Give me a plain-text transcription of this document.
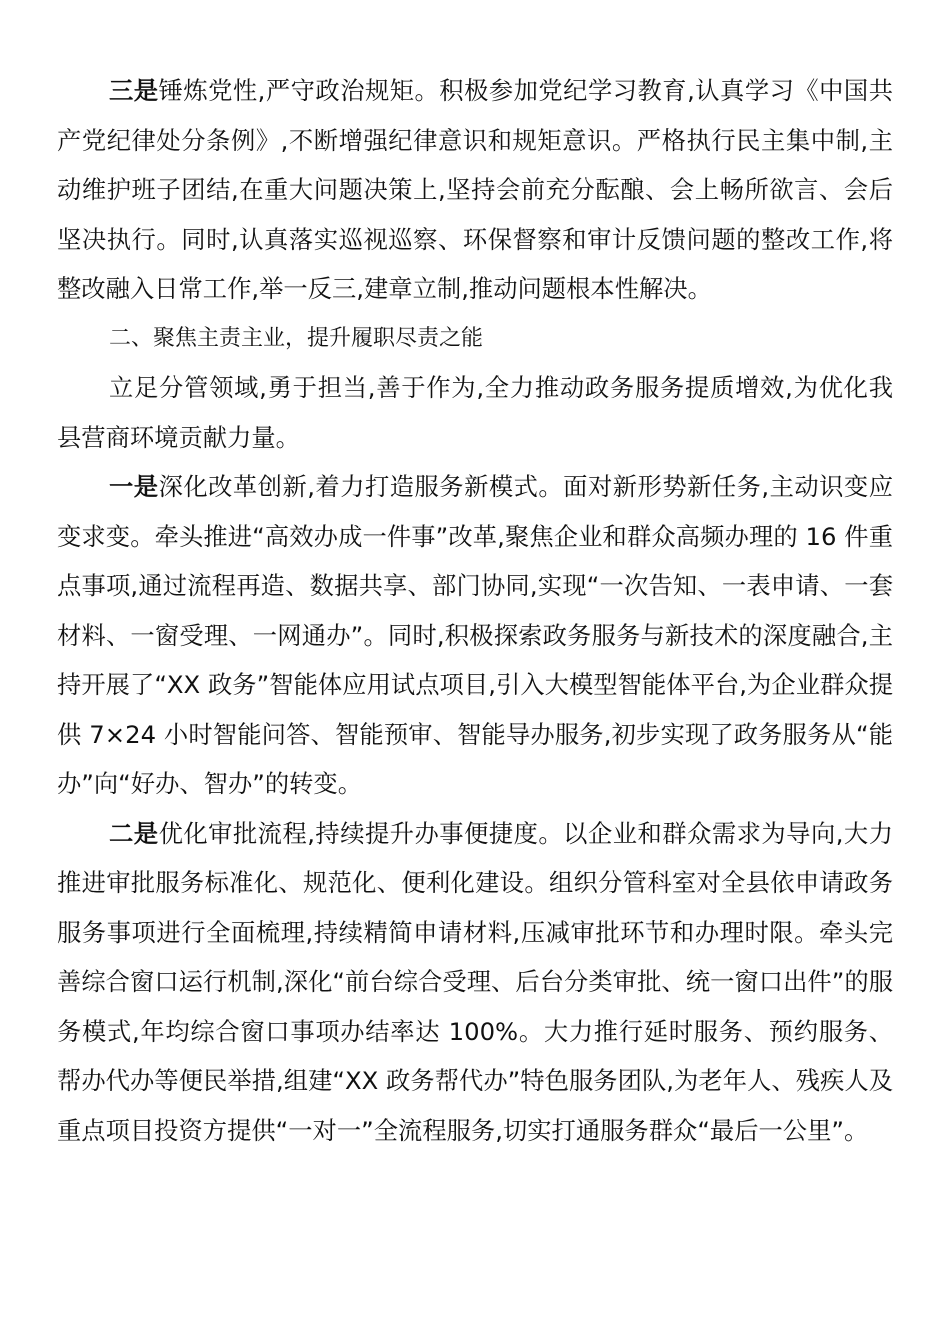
三是锤炼党性,严守政治规矩。积极参加党纪学习教育,认真学习《中国共产党纪律处分条例》,不断增强纪律意识和规矩意识。严格执行民主集中制,主动维护班子团结,在重大问题决策上,坚持会前充分酝酿、会上畅所欲言、会后坚决执行。同时,认真落实巡视巡察、环保督察和审计反馈问题的整改工作,将整改融入日常工作,举一反三,建章立制,推动问题根本性解决。

二、聚焦主责主业，提升履职尽责之能

立足分管领域,勇于担当,善于作为,全力推动政务服务提质增效,为优化我县营商环境贡献力量。

一是深化改革创新,着力打造服务新模式。面对新形势新任务,主动识变应变求变。牵头推进“高效办成一件事”改革,聚焦企业和群众高频办理的 16 件重点事项,通过流程再造、数据共享、部门协同,实现“一次告知、一表申请、一套材料、一窗受理、一网通办”。同时,积极探索政务服务与新技术的深度融合,主持开展了“XX 政务”智能体应用试点项目,引入大模型智能体平台,为企业群众提供 7×24 小时智能问答、智能预审、智能导办服务,初步实现了政务服务从“能办”向“好办、智办”的转变。

二是优化审批流程,持续提升办事便捷度。以企业和群众需求为导向,大力推进审批服务标准化、规范化、便利化建设。组织分管科室对全县依申请政务服务事项进行全面梳理,持续精简申请材料,压减审批环节和办理时限。牵头完善综合窗口运行机制,深化“前台综合受理、后台分类审批、统一窗口出件”的服务模式,年均综合窗口事项办结率达 100%。大力推行延时服务、预约服务、帮办代办等便民举措,组建“XX 政务帮代办”特色服务团队,为老年人、残疾人及重点项目投资方提供“一对一”全流程服务,切实打通服务群众“最后一公里”。
